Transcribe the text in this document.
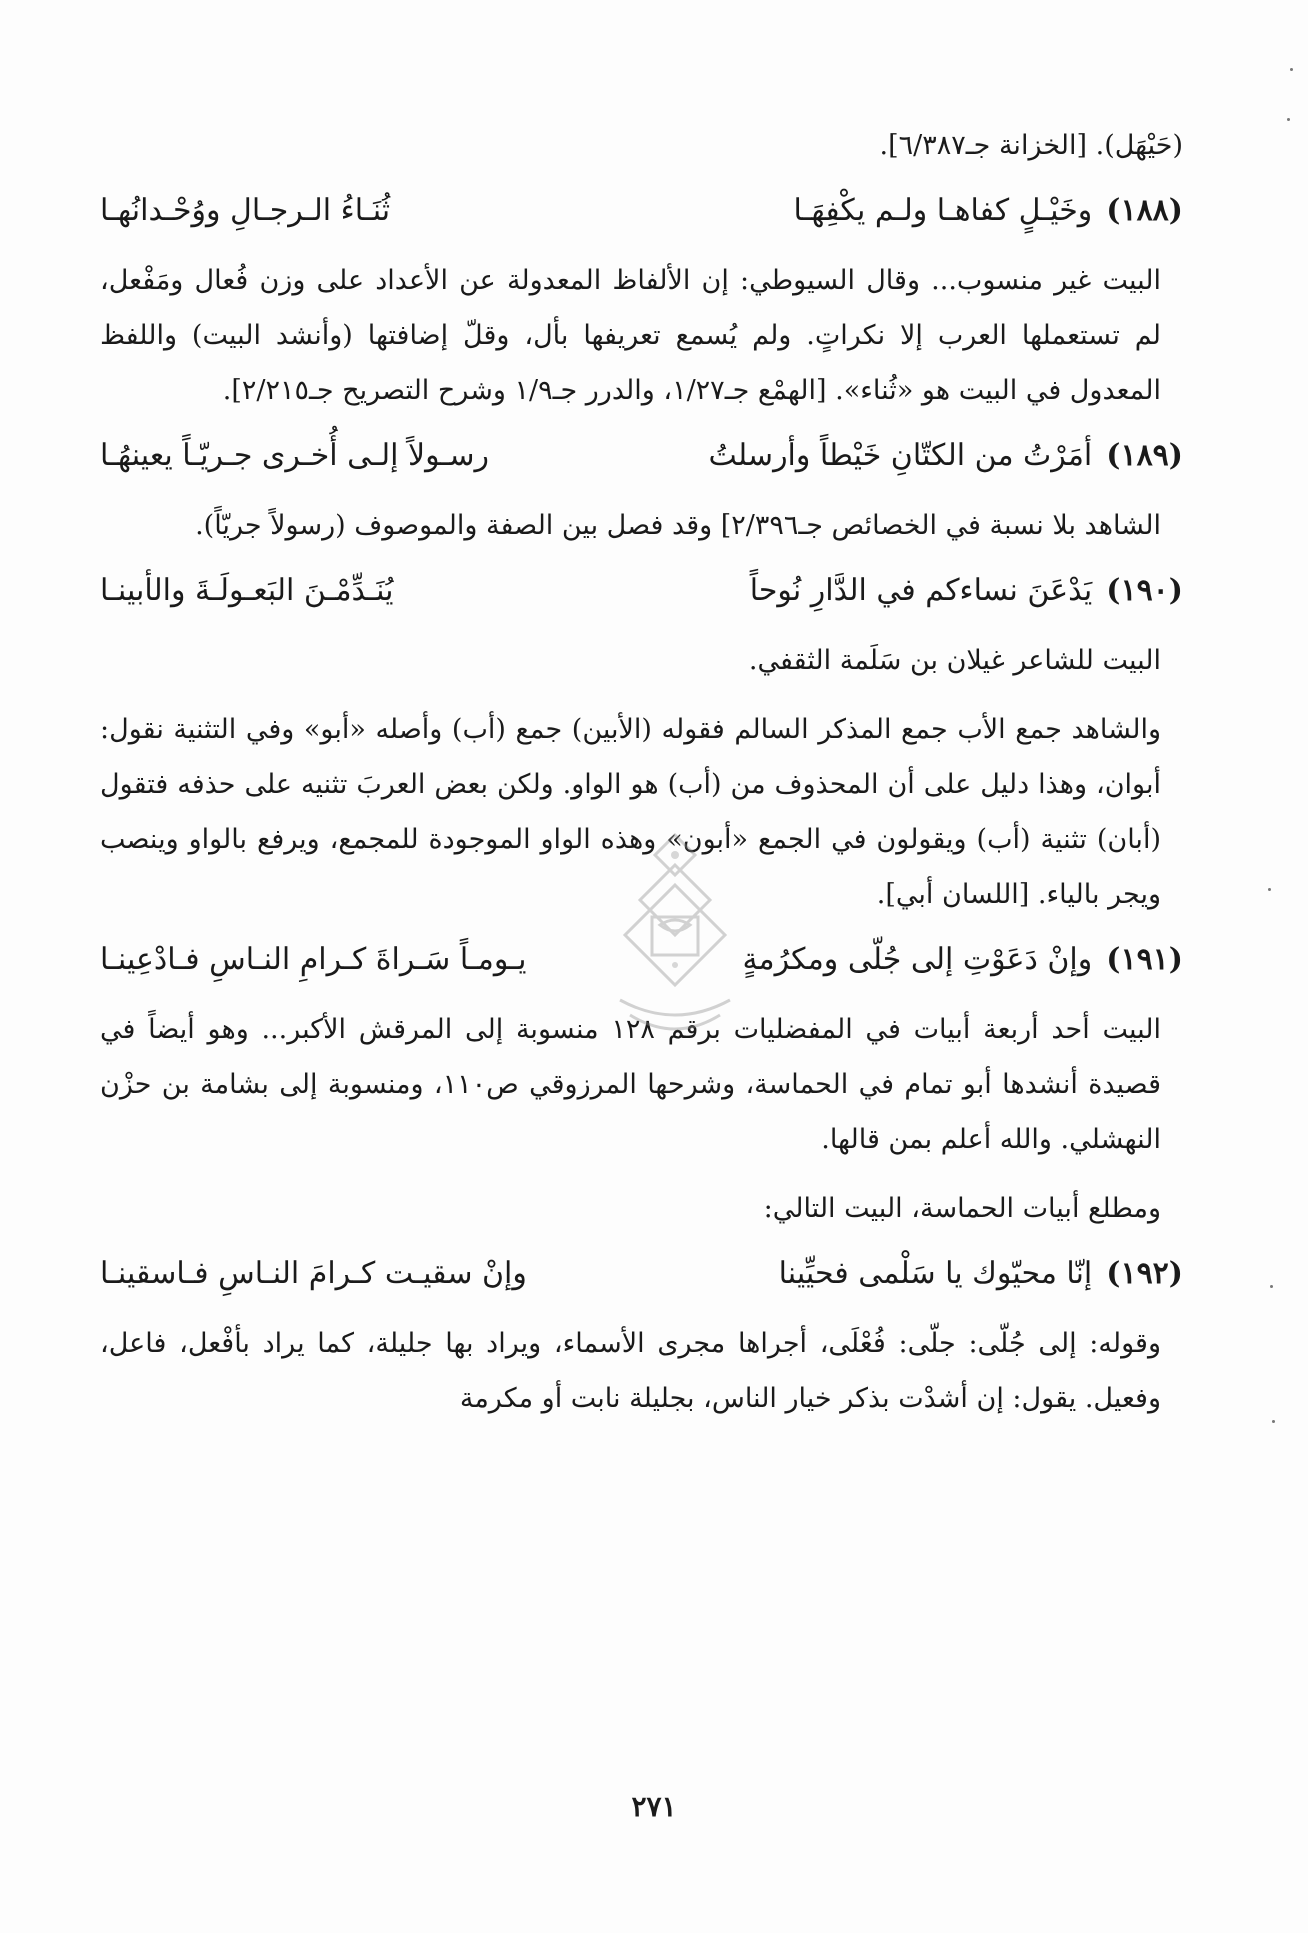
(حَيْهَل). [الخزانة جـ٦/٣٨٧].

(١٨٨)
وخَيْـلٍ كفاهـا ولـم يكْفِهَـا
ثُنَـاءُ الـرجـالِ ووُحْـدانُهـا

البيت غير منسوب... وقال السيوطي: إن الألفاظ المعدولة عن الأعداد على وزن فُعال ومَفْعل، لم تستعملها العرب إلا نكراتٍ. ولم يُسمع تعريفها بأل، وقلّ إضافتها (وأنشد البيت) واللفظ المعدول في البيت هو «ثُناء». [الهمْع جـ١/٢٧، والدرر جـ١/٩ وشرح التصريح جـ٢/٢١٥].

(١٨٩)
أمَرْتُ من الكتّانِ خَيْطاً وأرسلتُ
رسـولاً إلـى أُخـرى جـريّـاً يعينهُـا

الشاهد بلا نسبة في الخصائص جـ٢/٣٩٦] وقد فصل بين الصفة والموصوف (رسولاً جريّاً).

(١٩٠)
يَدْعَنَ نساءكم في الدَّارِ نُوحاً
يُنَـدِّمْـنَ البَعـولَـةَ والأبينـا

البيت للشاعر غيلان بن سَلَمة الثقفي.

والشاهد جمع الأب جمع المذكر السالم فقوله (الأبين) جمع (أب) وأصله «أبو» وفي التثنية نقول: أبوان، وهذا دليل على أن المحذوف من (أب) هو الواو. ولكن بعض العربَ تثنيه على حذفه فتقول (أبان) تثنية (أب) ويقولون في الجمع «أبون» وهذه الواو الموجودة للمجمع، ويرفع بالواو وينصب ويجر بالياء. [اللسان أبي].

(١٩١)
وإنْ دَعَوْتِ إلى جُلّى ومكرُمةٍ
يـومـاً سَـراةَ كـرامِ النـاسِ فـادْعِينـا

البيت أحد أربعة أبيات في المفضليات برقم ١٢٨ منسوبة إلى المرقش الأكبر... وهو أيضاً في قصيدة أنشدها أبو تمام في الحماسة، وشرحها المرزوقي ص١١٠، ومنسوبة إلى بشامة بن حزْن النهشلي. والله أعلم بمن قالها.

ومطلع أبيات الحماسة، البيت التالي:

(١٩٢)
إنّا محيّوك يا سَلْمى فحيِّينا
وإنْ سقيـت كـرامَ النـاسِ فـاسقينـا

وقوله: إلى جُلّى: جلّى: فُعْلَى، أجراها مجرى الأسماء، ويراد بها جليلة، كما يراد بأفْعل، فاعل، وفعيل. يقول: إن أشدْت بذكر خيار الناس، بجليلة نابت أو مكرمة

٢٧١
